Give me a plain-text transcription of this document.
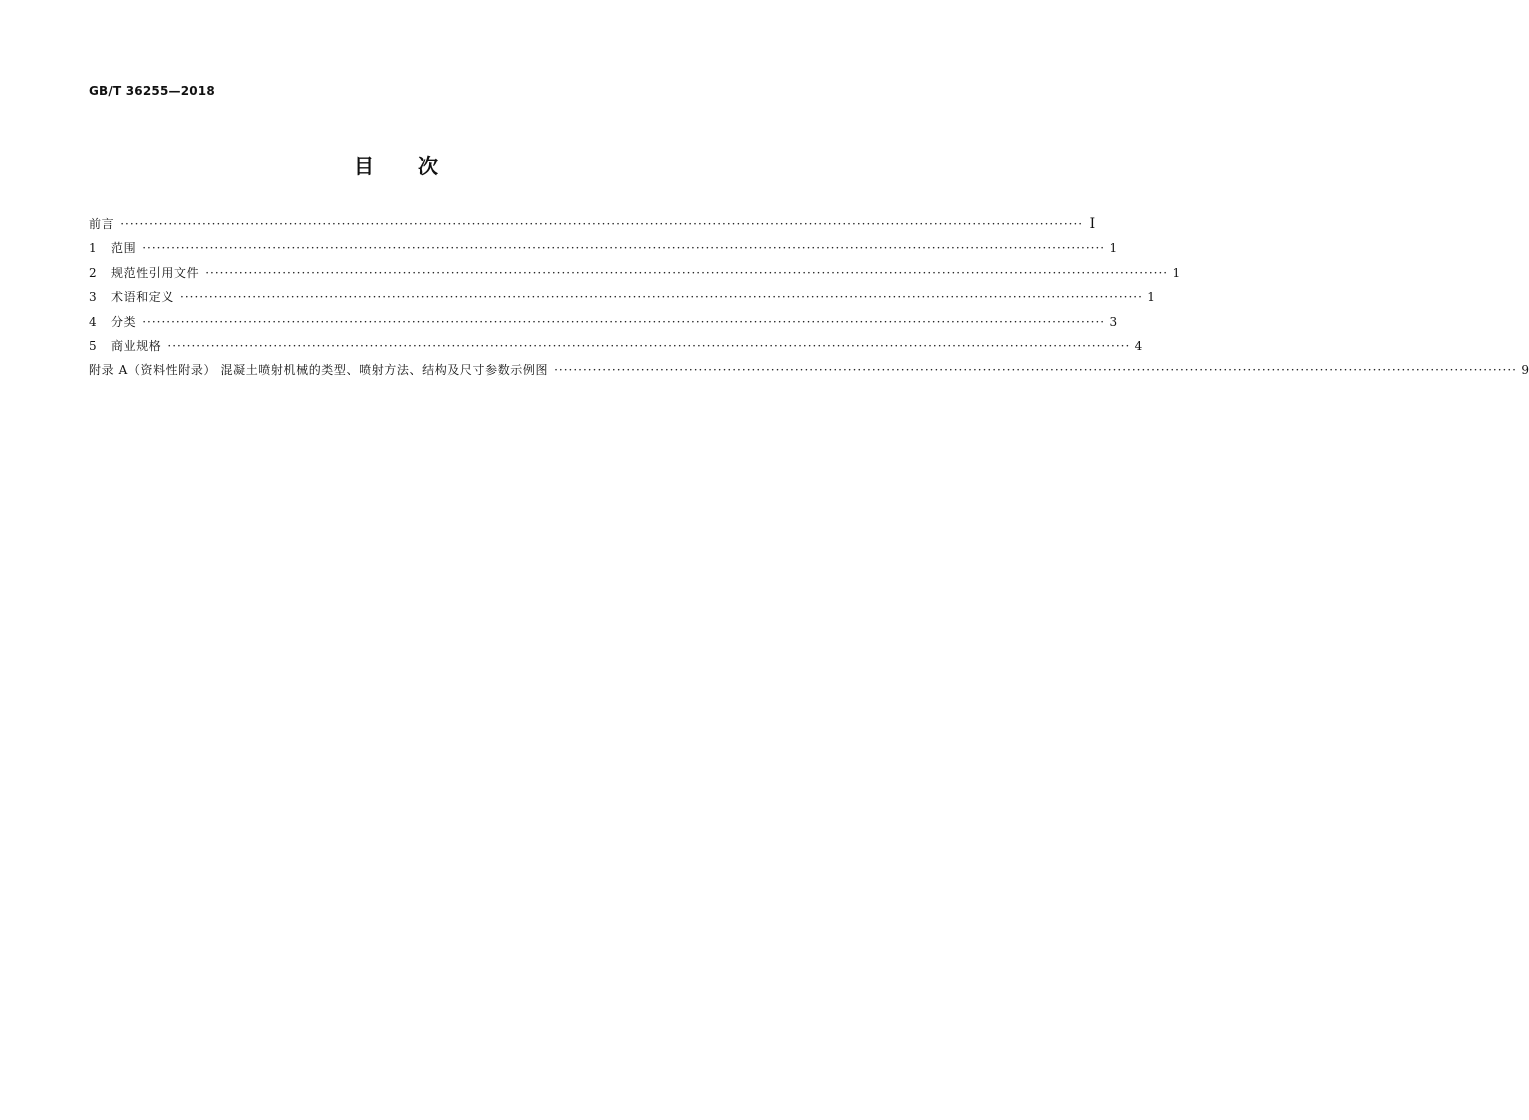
GB/T 36255—2018
目 次
前言 ········································································································································································································ Ⅰ
1	范围 ········································································································································································································ 1
2	规范性引用文件 ········································································································································································································ 1
3	术语和定义 ········································································································································································································ 1
4	分类 ········································································································································································································ 3
5	商业规格 ········································································································································································································ 4
附录 A（资料性附录） 混凝土喷射机械的类型、喷射方法、结构及尺寸参数示例图 ········································································································································································································ 9
